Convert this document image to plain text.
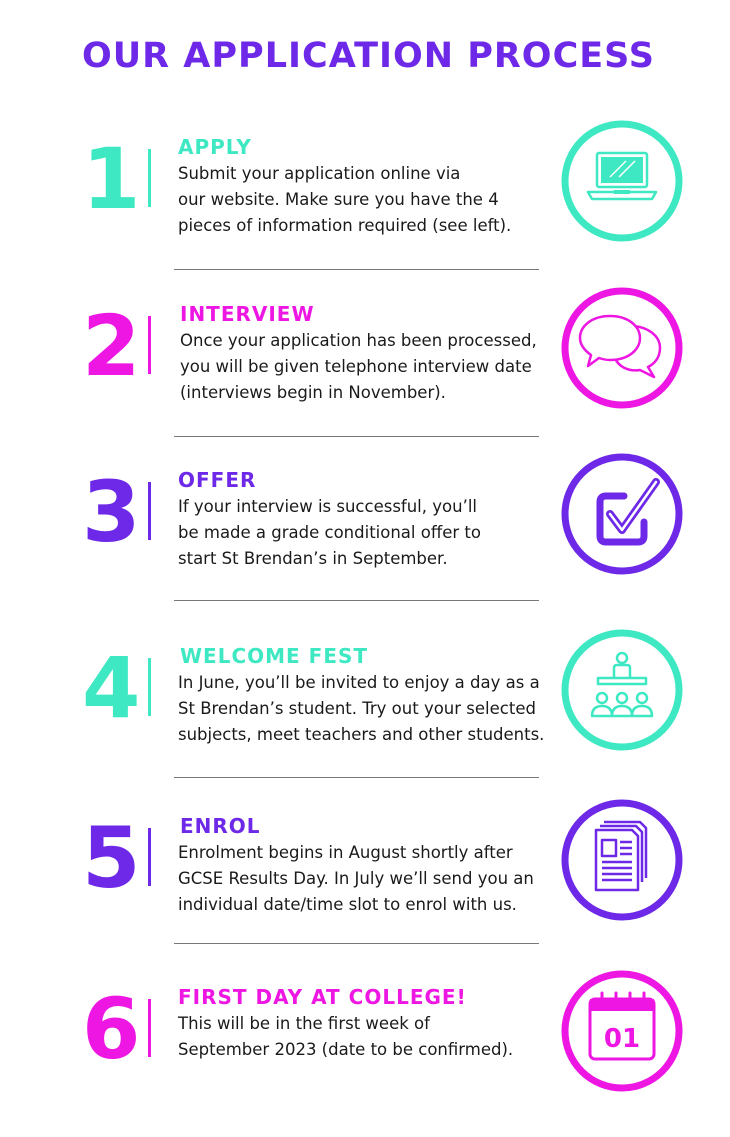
OUR APPLICATION PROCESS
1 APPLY
Submit your application online via
our website. Make sure you have the 4
pieces of information required (see left).
2 INTERVIEW
Once your application has been processed,
you will be given telephone interview date
(interviews begin in November).
3 OFFER
If your interview is successful, you’ll
be made a grade conditional offer to
start St Brendan’s in September.
4 WELCOME FEST
In June, you’ll be invited to enjoy a day as a
St Brendan’s student. Try out your selected
subjects, meet teachers and other students.
5 ENROL
Enrolment begins in August shortly after
GCSE Results Day. In July we’ll send you an
individual date/time slot to enrol with us.
6 FIRST DAY AT COLLEGE!
This will be in the first week of
September 2023 (date to be confirmed).	01
